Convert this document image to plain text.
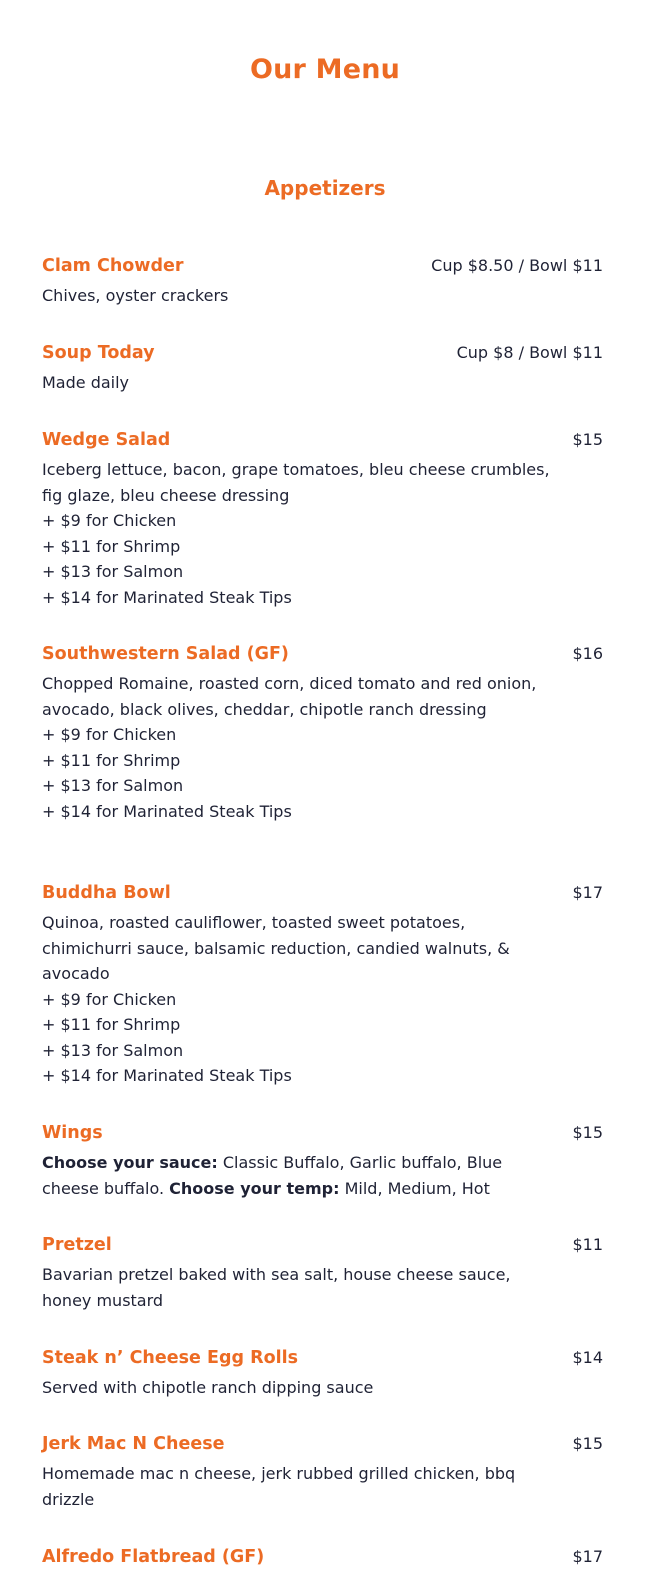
Our Menu
Appetizers
Clam Chowder	Cup $8.50 / Bowl $11
Chives, oyster crackers
Soup Today	Cup $8 / Bowl $11
Made daily
Wedge Salad	$15
Iceberg lettuce, bacon, grape tomatoes, bleu cheese crumbles, fig glaze, bleu cheese dressing
+ $9 for Chicken
+ $11 for Shrimp
+ $13 for Salmon
+ $14 for Marinated Steak Tips
Southwestern Salad (GF)	$16
Chopped Romaine, roasted corn, diced tomato and red onion, avocado, black olives, cheddar, chipotle ranch dressing
+ $9 for Chicken
+ $11 for Shrimp
+ $13 for Salmon
+ $14 for Marinated Steak Tips
Buddha Bowl	$17
Quinoa, roasted cauliflower, toasted sweet potatoes, chimichurri sauce, balsamic reduction, candied walnuts, & avocado
+ $9 for Chicken
+ $11 for Shrimp
+ $13 for Salmon
+ $14 for Marinated Steak Tips
Wings	$15
Choose your sauce: Classic Buffalo, Garlic buffalo, Blue cheese buffalo. Choose your temp: Mild, Medium, Hot
Pretzel	$11
Bavarian pretzel baked with sea salt, house cheese sauce, honey mustard
Steak n’ Cheese Egg Rolls	$14
Served with chipotle ranch dipping sauce
Jerk Mac N Cheese	$15
Homemade mac n cheese, jerk rubbed grilled chicken, bbq drizzle
Alfredo Flatbread (GF)	$17
